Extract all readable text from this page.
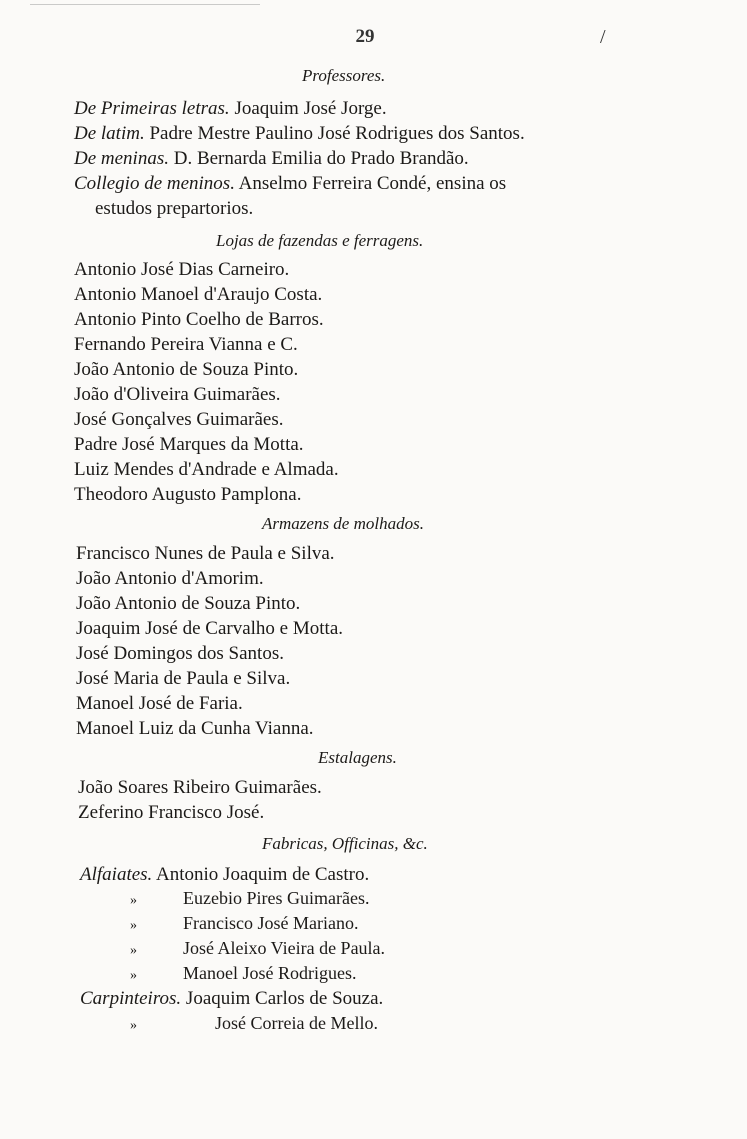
29	/
Professores.
De Primeiras letras. Joaquim José Jorge.
De latim. Padre Mestre Paulino José Rodrigues dos Santos.
De meninas. D. Bernarda Emilia do Prado Brandão.
Collegio de meninos. Anselmo Ferreira Condé, ensina os
estudos prepartorios.
Lojas de fazendas e ferragens.
Antonio José Dias Carneiro.
Antonio Manoel d'Araujo Costa.
Antonio Pinto Coelho de Barros.
Fernando Pereira Vianna e C.
João Antonio de Souza Pinto.
João d'Oliveira Guimarães.
José Gonçalves Guimarães.
Padre José Marques da Motta.
Luiz Mendes d'Andrade e Almada.
Theodoro Augusto Pamplona.
Armazens de molhados.
Francisco Nunes de Paula e Silva.
João Antonio d'Amorim.
João Antonio de Souza Pinto.
Joaquim José de Carvalho e Motta.
José Domingos dos Santos.
José Maria de Paula e Silva.
Manoel José de Faria.
Manoel Luiz da Cunha Vianna.
Estalagens.
João Soares Ribeiro Guimarães.
Zeferino Francisco José.
Fabricas, Officinas, &c.
Alfaiates. Antonio Joaquim de Castro.
»	Euzebio Pires Guimarães.
»	Francisco José Mariano.
»	José Aleixo Vieira de Paula.
»	Manoel José Rodrigues.
Carpinteiros. Joaquim Carlos de Souza.
»	José Correia de Mello.
